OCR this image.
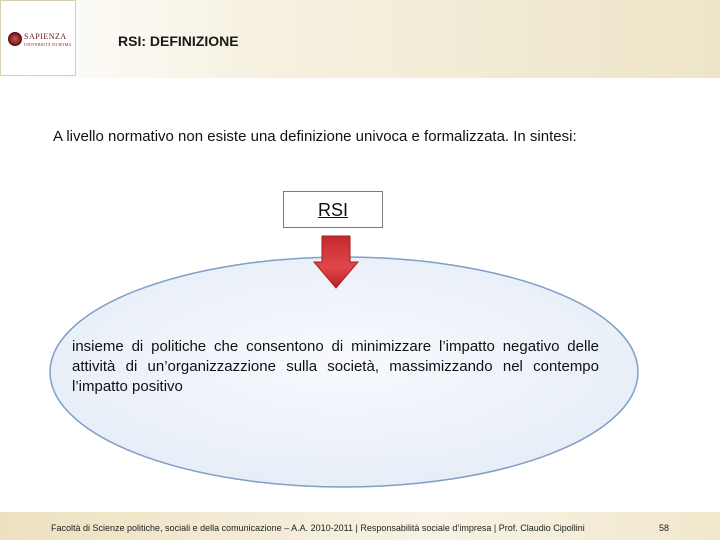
SAPIENZA
UNIVERSITÀ DI ROMA	RSI: DEFINIZIONE
A livello normativo non esiste una definizione univoca e formalizzata. In sintesi:
RSI
insieme di politiche che consentono di minimizzare l’impatto negativo delle attività di un’organizzazzione sulla società, massimizzando nel contempo l’impatto positivo
Facoltà di Scienze politiche, sociali e della comunicazione – A.A. 2010-2011 | Responsabilità sociale d’impresa | Prof. Claudio Cipollini	58
